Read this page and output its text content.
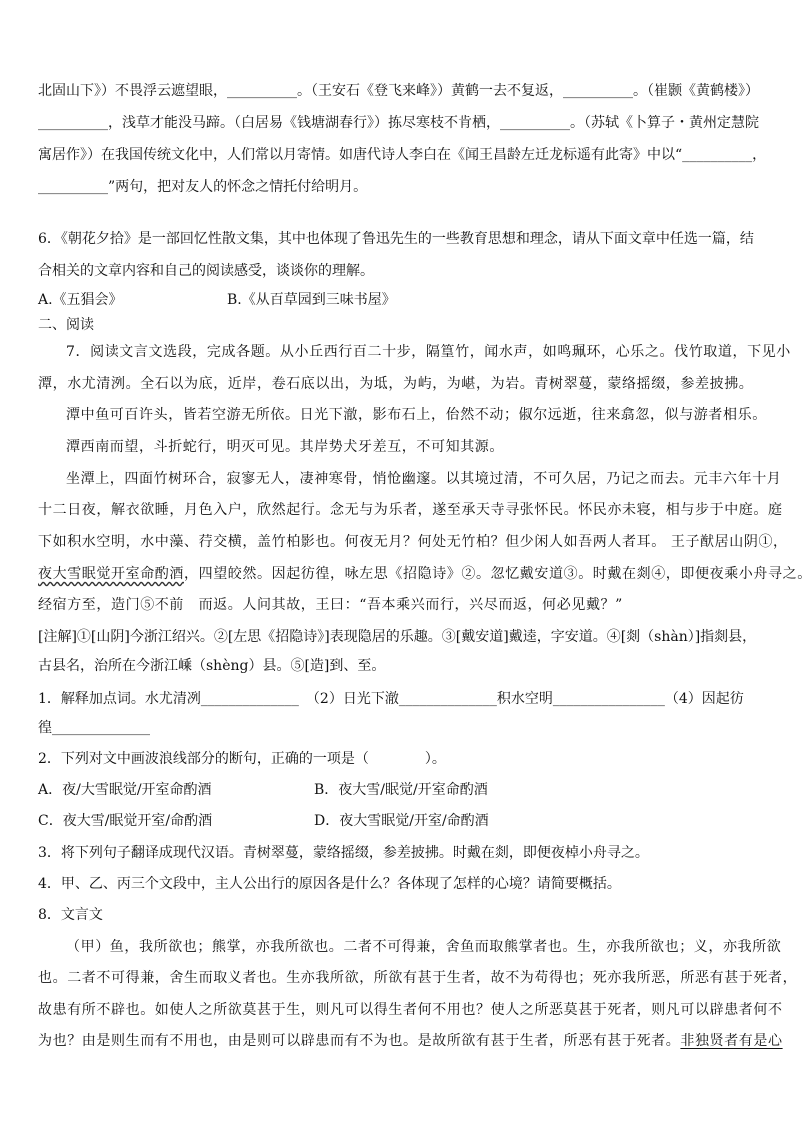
北固山下》）不畏浮云遮望眼，__________。（王安石《登飞来峰》）黄鹤一去不复返，__________。（崔颢《黄鹤楼》）
__________，浅草才能没马蹄。（白居易《钱塘湖春行》）拣尽寒枝不肯栖，__________。（苏轼《卜算子・黄州定慧院
寓居作》）在我国传统文化中，人们常以月寄情。如唐代诗人李白在《闻王昌龄左迁龙标遥有此寄》中以“__________，
__________”两句，把对友人的怀念之情托付给明月。
6．《朝花夕拾》是一部回忆性散文集，其中也体现了鲁迅先生的一些教育思想和理念，请从下面文章中任选一篇，结
合相关的文章内容和自己的阅读感受，谈谈你的理解。
A.《五猖会》	B.《从百草园到三味书屋》
二、阅读
7．阅读文言文选段，完成各题。从小丘西行百二十步，隔篁竹，闻水声，如鸣珮环，心乐之。伐竹取道，下见小
潭，水尤清洌。全石以为底，近岸，卷石底以出，为坻，为屿，为嵁，为岩。青树翠蔓，蒙络摇缀，参差披拂。
潭中鱼可百许头，皆若空游无所依。日光下澈，影布石上，佁然不动；俶尔远逝，往来翕忽，似与游者相乐。
潭西南而望，斗折蛇行，明灭可见。其岸势犬牙差互，不可知其源。
坐潭上，四面竹树环合，寂寥无人，凄神寒骨，悄怆幽邃。以其境过清，不可久居，乃记之而去。元丰六年十月
十二日夜，解衣欲睡，月色入户，欣然起行。念无与为乐者，遂至承天寺寻张怀民。怀民亦未寝，相与步于中庭。庭
下如积水空明，水中藻、荇交横，盖竹柏影也。何夜无月？何处无竹柏？但少闲人如吾两人者耳。 王子猷居山阴①，
夜大雪眠觉开室命酌酒，四望皎然。因起彷徨，咏左思《招隐诗》②。忽忆戴安道③。时戴在剡④，即便夜乘小舟寻之。
经宿方至，造门⑤不前　而返。人问其故，王曰：“吾本乘兴而行，兴尽而返，何必见戴？”
[注解]①[山阴]今浙江绍兴。②[左思《招隐诗》]表现隐居的乐趣。③[戴安道]戴逵，字安道。④[剡（shàn）]指剡县，
古县名，治所在今浙江嵊（shèng）县。⑤[造]到、至。
1．解释加点词。水尤清冽______________　（2）日光下澈______________积水空明________________（4）因起彷
徨______________
2．下列对文中画波浪线部分的断句，正确的一项是（　　　　）。
A．夜/大雪眠觉/开室命酌酒	B．夜大雪/眠觉/开室命酌酒
C．夜大雪/眠觉开室/命酌酒	D．夜大雪眠觉/开室/命酌酒
3．将下列句子翻译成现代汉语。青树翠蔓，蒙络摇缀，参差披拂。时戴在剡，即便夜棹小舟寻之。
4．甲、乙、丙三个文段中，主人公出行的原因各是什么？各体现了怎样的心境？请简要概括。
8．文言文
（甲）鱼，我所欲也；熊掌，亦我所欲也。二者不可得兼，舍鱼而取熊掌者也。生，亦我所欲也；义，亦我所欲
也。二者不可得兼，舍生而取义者也。生亦我所欲，所欲有甚于生者，故不为苟得也；死亦我所恶，所恶有甚于死者，
故患有所不辟也。如使人之所欲莫甚于生，则凡可以得生者何不用也？使人之所恶莫甚于死者，则凡可以辟患者何不
为也？由是则生而有不用也，由是则可以辟患而有不为也。是故所欲有甚于生者，所恶有甚于死者。非独贤者有是心
